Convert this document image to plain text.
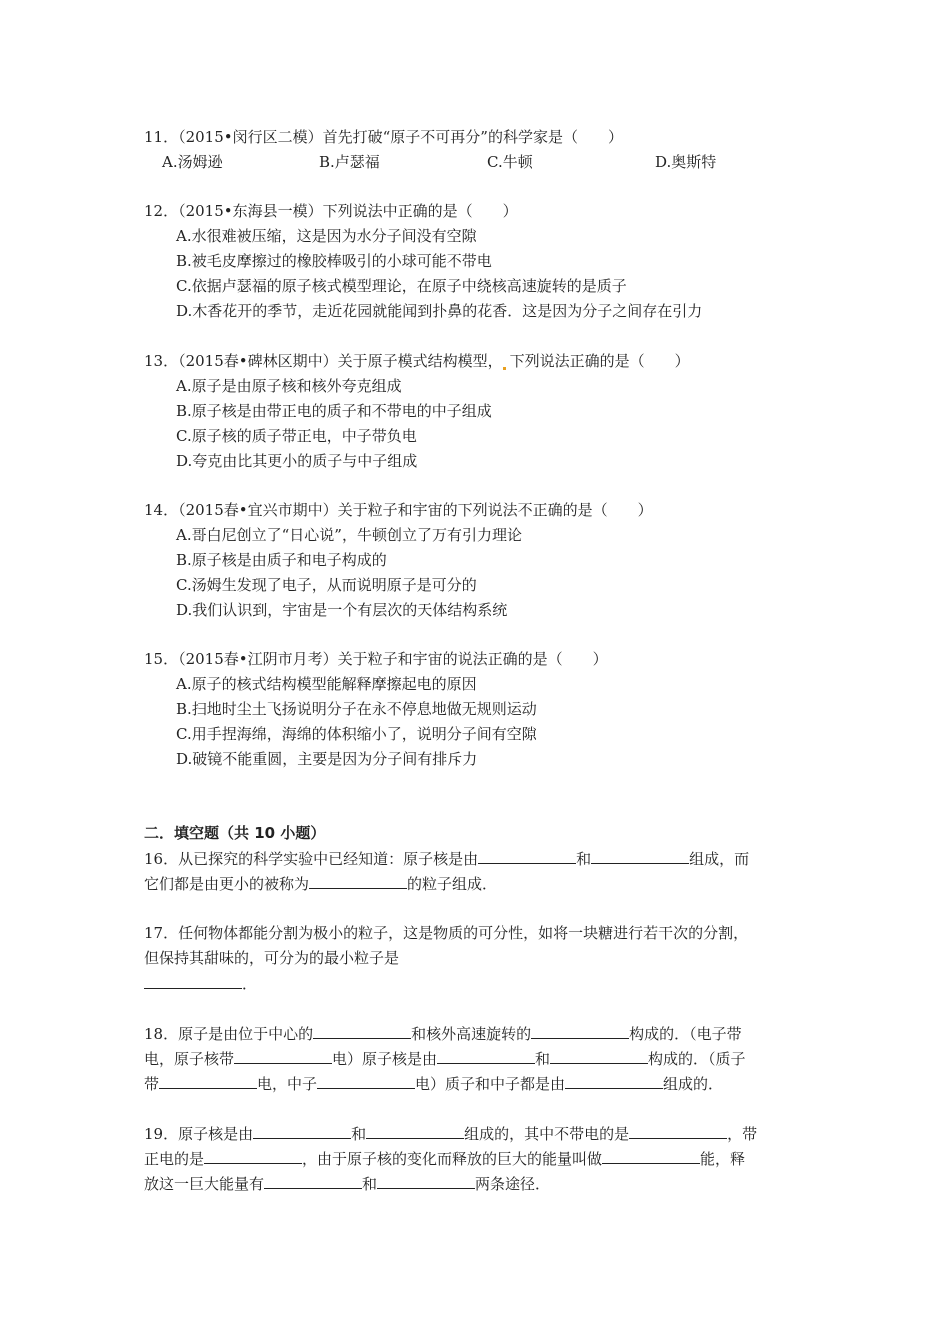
11．（2015•闵行区二模）首先打破“原子不可再分”的科学家是（　　）
A.汤姆逊	B.卢瑟福	C.牛顿	D.奥斯特
12．（2015•东海县一模）下列说法中正确的是（　　）
A.水很难被压缩，这是因为水分子间没有空隙
B.被毛皮摩擦过的橡胶棒吸引的小球可能不带电
C.依据卢瑟福的原子核式模型理论，在原子中绕核高速旋转的是质子
D.木香花开的季节，走近花园就能闻到扑鼻的花香．这是因为分子之间存在引力
13．（2015春•碑林区期中）关于原子模式结构模型， 下列说法正确的是（　　）
A.原子是由原子核和核外夸克组成
B.原子核是由带正电的质子和不带电的中子组成
C.原子核的质子带正电，中子带负电
D.夸克由比其更小的质子与中子组成
14．（2015春•宜兴市期中）关于粒子和宇宙的下列说法不正确的是（　　）
A.哥白尼创立了“日心说”，牛顿创立了万有引力理论
B.原子核是由质子和电子构成的
C.汤姆生发现了电子，从而说明原子是可分的
D.我们认识到，宇宙是一个有层次的天体结构系统
15．（2015春•江阴市月考）关于粒子和宇宙的说法正确的是（　　）
A.原子的核式结构模型能解释摩擦起电的原因
B.扫地时尘土飞扬说明分子在永不停息地做无规则运动
C.用手捏海绵，海绵的体积缩小了，说明分子间有空隙
D.破镜不能重圆，主要是因为分子间有排斥力
二．填空题（共 10 小题）
16．从已探究的科学实验中已经知道：原子核是由	和	组成，而
它们都是由更小的被称为	的粒子组成．
17．任何物体都能分割为极小的粒子，这是物质的可分性，如将一块糖进行若干次的分割，
但保持其甜味的，可分为的最小粒子是
．
18．原子是由位于中心的	和核外高速旋转的	构成的．（电子带
电，原子核带	电）原子核是由	和	构成的．（质子
带	电，中子	电）质子和中子都是由	组成的．
19．原子核是由	和	组成的，其中不带电的是	，带
正电的是	，由于原子核的变化而释放的巨大的能量叫做	能，释
放这一巨大能量有	和	两条途径．
